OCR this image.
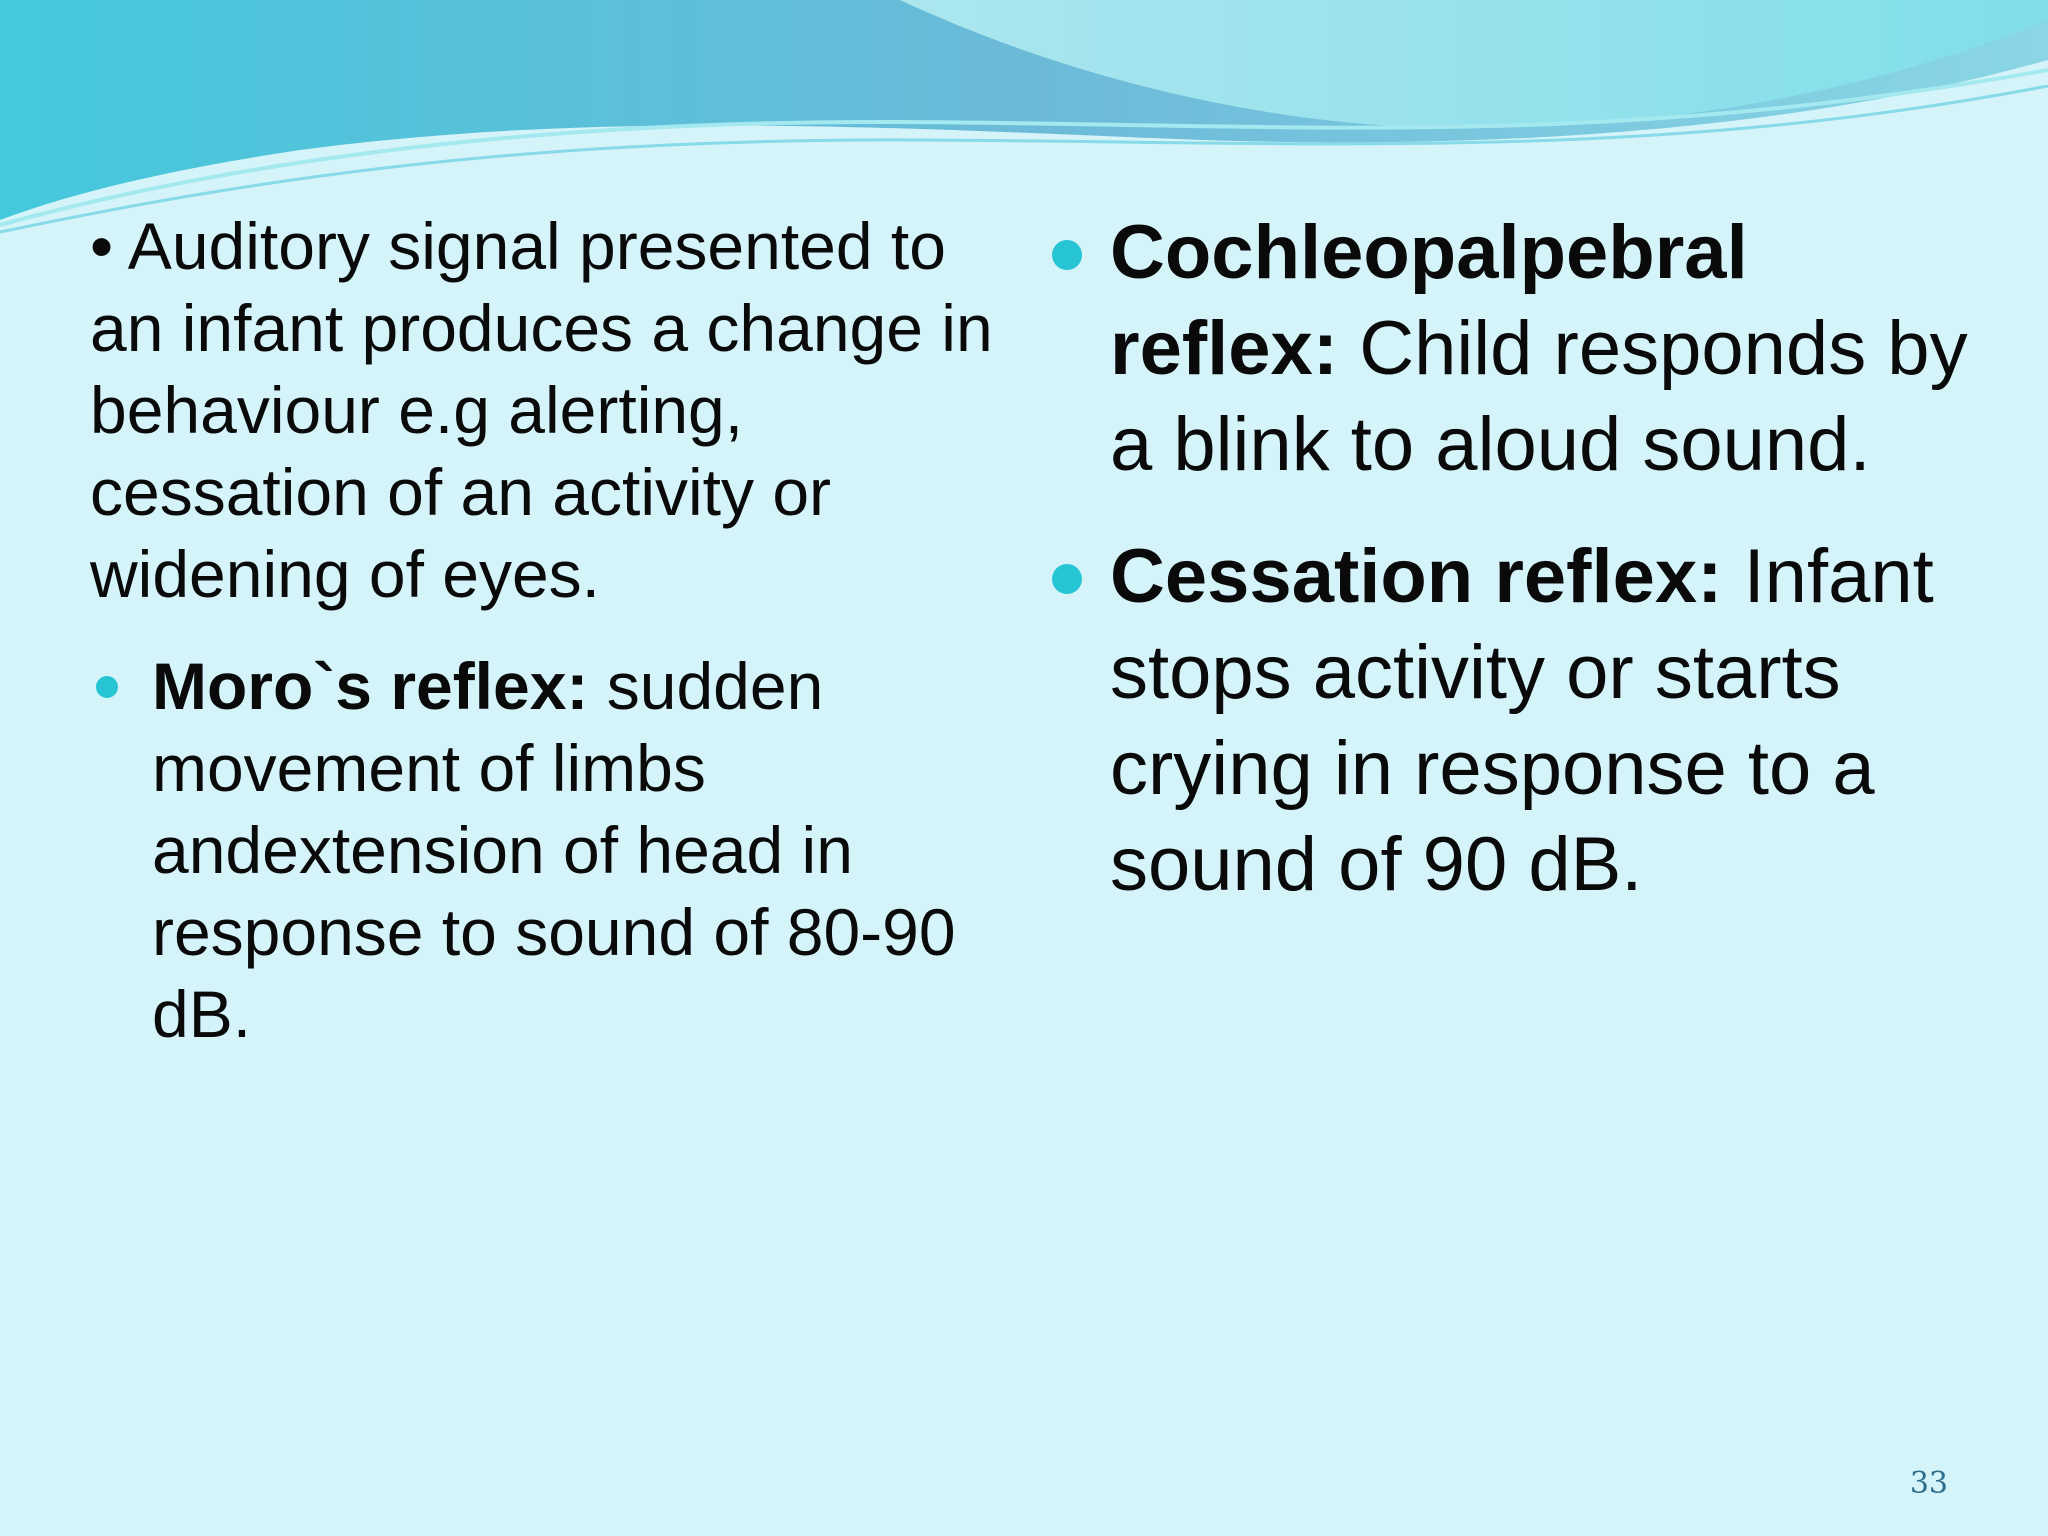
• Auditory signal presented to an infant produces a change in behaviour e.g alerting, cessation of an activity or widening of eyes.

Moro`s reflex: sudden movement of limbs andextension of head in response to sound of 80-90 dB.
Cochleopalpebral reflex: Child responds by a blink to aloud sound.
Cessation reflex: Infant stops activity or starts crying in response to a sound of 90 dB.
33
